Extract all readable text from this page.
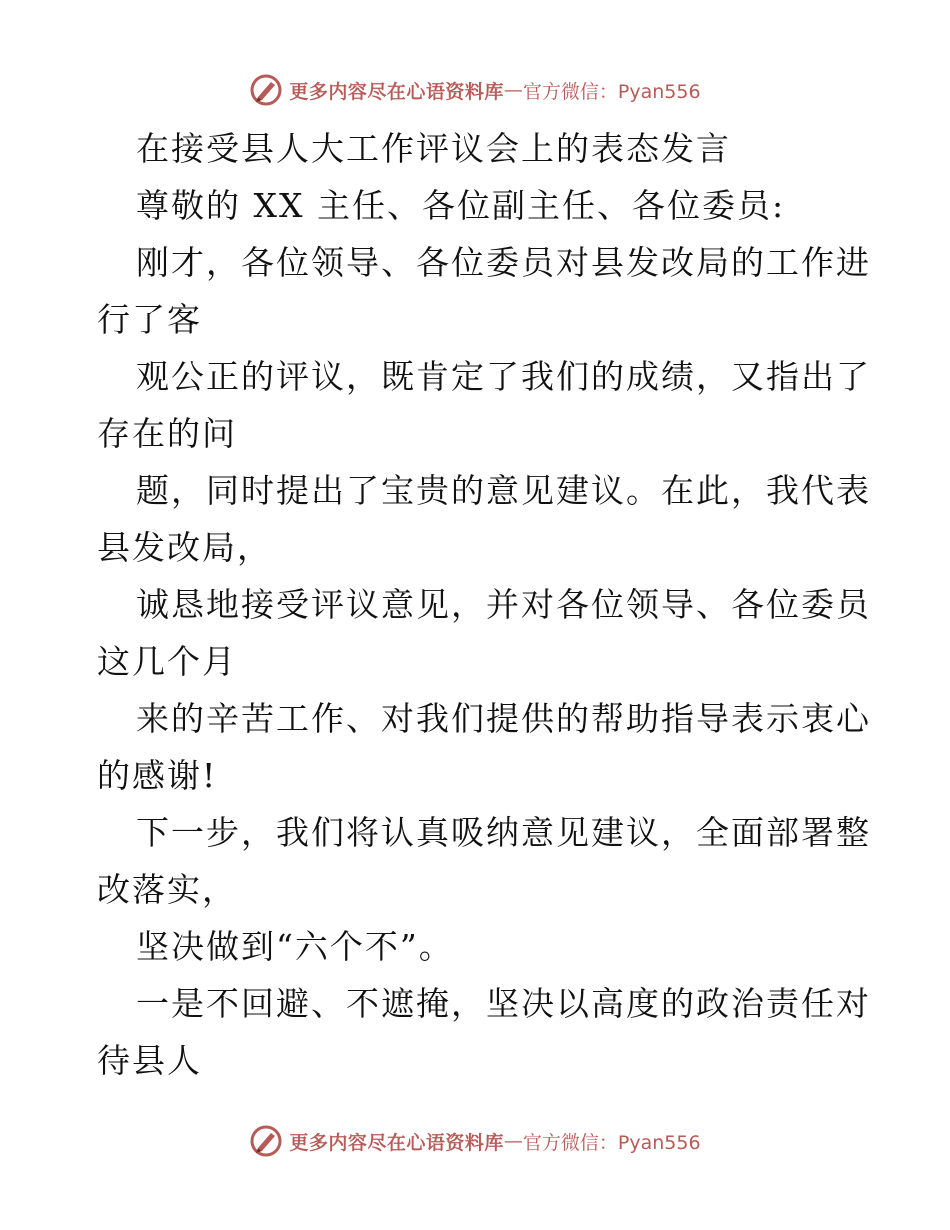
更多内容尽在心语资料库 — 官方微信：Pyan556
在接受县人大工作评议会上的表态发言
尊敬的 XX 主任、各位副主任、各位委员:
刚才，各位领导、各位委员对县发改局的工作进
行了客
观公正的评议，既肯定了我们的成绩，又指出了
存在的问
题，同时提出了宝贵的意见建议。在此，我代表
县发改局，
诚恳地接受评议意见，并对各位领导、各位委员
这几个月
来的辛苦工作、对我们提供的帮助指导表示衷心
的感谢!
下一步，我们将认真吸纳意见建议，全面部署整
改落实，
坚决做到“六个不”。
一是不回避、不遮掩，坚决以高度的政治责任对
待县人
更多内容尽在心语资料库 — 官方微信：Pyan556
